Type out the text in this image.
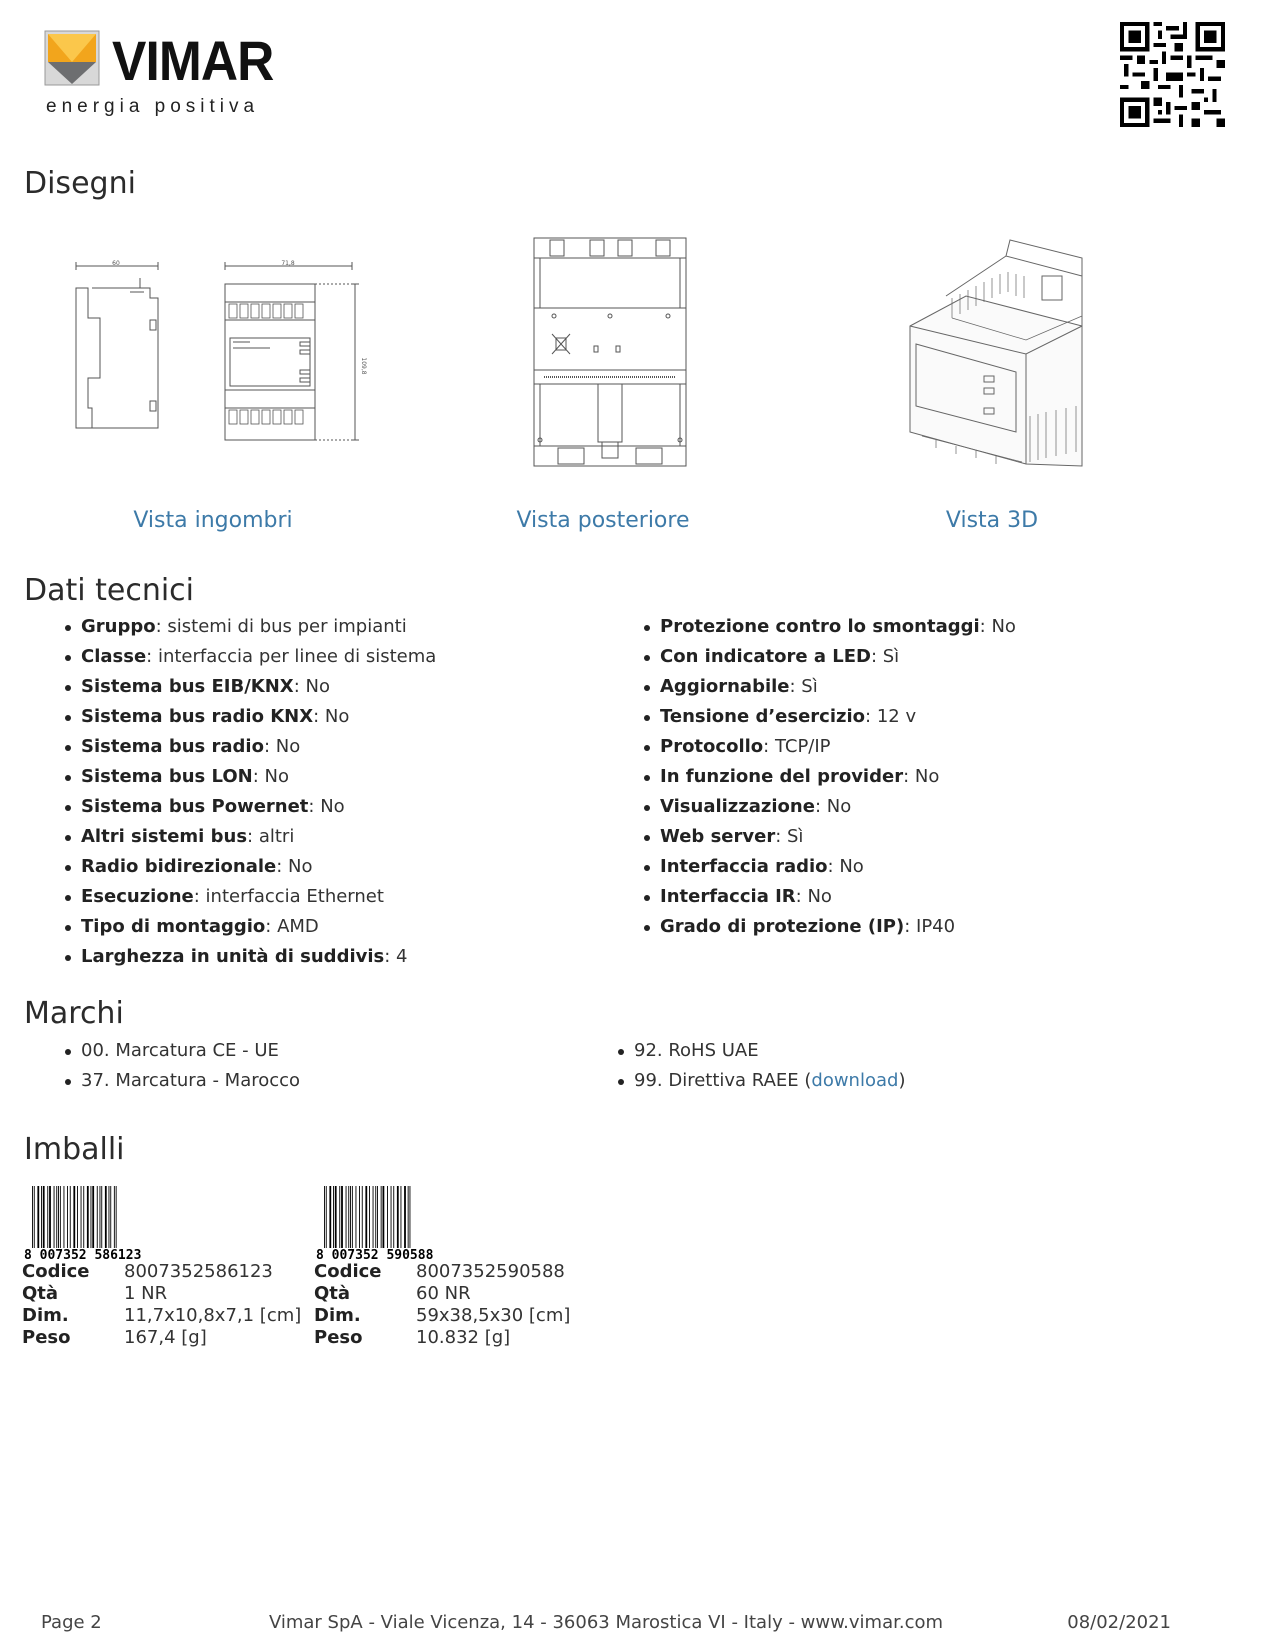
VIMAR
energia positiva
Disegni
60	71,8
109,8
Vista ingombri	Vista posteriore	Vista 3D
Dati tecnici
Gruppo: sistemi di bus per impianti
Classe: interfaccia per linee di sistema
Sistema bus EIB/KNX: No
Sistema bus radio KNX: No
Sistema bus radio: No
Sistema bus LON: No
Sistema bus Powernet: No
Altri sistemi bus: altri
Radio bidirezionale: No
Esecuzione: interfaccia Ethernet
Tipo di montaggio: AMD
Larghezza in unità di suddivis: 4
Protezione contro lo smontaggi: No
Con indicatore a LED: Sì
Aggiornabile: Sì
Tensione d’esercizio: 12 v
Protocollo: TCP/IP
In funzione del provider: No
Visualizzazione: No
Web server: Sì
Interfaccia radio: No
Interfaccia IR: No
Grado di protezione (IP): IP40
Marchi
00. Marcatura CE - UE
37. Marcatura - Marocco
92. RoHS UAE
99. Direttiva RAEE (download)
Imballi
8 007352 586123	8 007352 590588
Codice	8007352586123
Qtà	1 NR
Dim.	11,7x10,8x7,1 [cm]
Peso	167,4 [g]
Codice	8007352590588
Qtà	60 NR
Dim.	59x38,5x30 [cm]
Peso	10.832 [g]
Page 2	Vimar SpA - Viale Vicenza, 14 - 36063 Marostica VI - Italy - www.vimar.com	08/02/2021
